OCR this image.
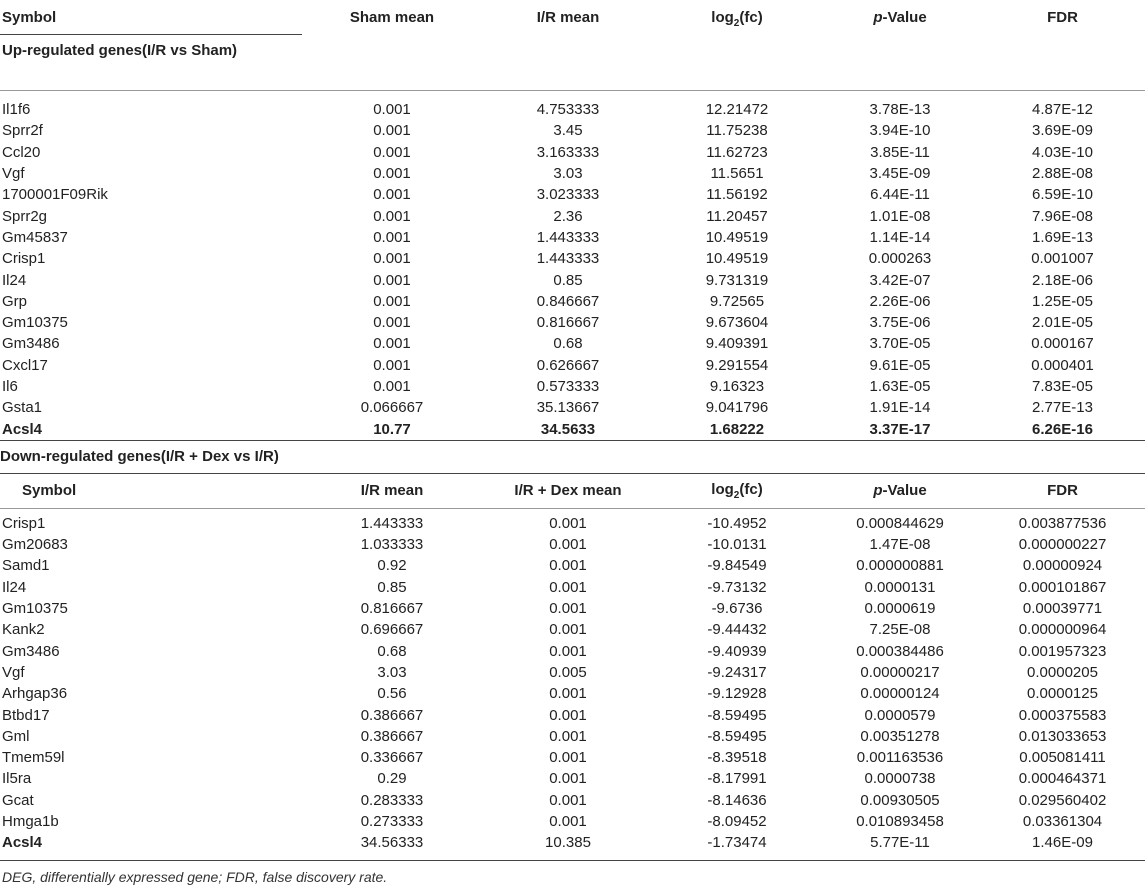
Symbol	Sham mean	I/R mean	$\log_2(fc)$	p-Value	FDR
Up-regulated genes(I/R vs Sham)					

Il1f6	0.001	4.753333	12.21472	3.78E-13	4.87E-12
Sprr2f	0.001	3.45	11.75238	3.94E-10	3.69E-09
Ccl20	0.001	3.163333	11.62723	3.85E-11	4.03E-10
Vgf	0.001	3.03	11.5651	3.45E-09	2.88E-08
1700001F09Rik	0.001	3.023333	11.56192	6.44E-11	6.59E-10
Sprr2g	0.001	2.36	11.20457	1.01E-08	7.96E-08
Gm45837	0.001	1.443333	10.49519	1.14E-14	1.69E-13
Crisp1	0.001	1.443333	10.49519	0.000263	0.001007
Il24	0.001	0.85	9.731319	3.42E-07	2.18E-06
Grp	0.001	0.846667	9.72565	2.26E-06	1.25E-05
Gm10375	0.001	0.816667	9.673604	3.75E-06	2.01E-05
Gm3486	0.001	0.68	9.409391	3.70E-05	0.000167
Cxcl17	0.001	0.626667	9.291554	9.61E-05	0.000401
Il6	0.001	0.573333	9.16323	1.63E-05	7.83E-05
Gsta1	0.066667	35.13667	9.041796	1.91E-14	2.77E-13
Acsl4	10.77	34.5633	1.68222	3.37E-17	6.26E-16
Down-regulated genes(I/R + Dex vs I/R)					
Symbol	I/R mean	I/R + Dex mean	$\log_2(fc)$	p-Value	FDR

Crisp1	1.443333	0.001	-10.4952	0.000844629	0.003877536
Gm20683	1.033333	0.001	-10.0131	1.47E-08	0.000000227
Samd1	0.92	0.001	-9.84549	0.000000881	0.00000924
Il24	0.85	0.001	-9.73132	0.0000131	0.000101867
Gm10375	0.816667	0.001	-9.6736	0.0000619	0.00039771
Kank2	0.696667	0.001	-9.44432	7.25E-08	0.000000964
Gm3486	0.68	0.001	-9.40939	0.000384486	0.001957323
Vgf	3.03	0.005	-9.24317	0.00000217	0.0000205
Arhgap36	0.56	0.001	-9.12928	0.00000124	0.0000125
Btbd17	0.386667	0.001	-8.59495	0.0000579	0.000375583
Gml	0.386667	0.001	-8.59495	0.00351278	0.013033653
Tmem59l	0.336667	0.001	-8.39518	0.001163536	0.005081411
Il5ra	0.29	0.001	-8.17991	0.0000738	0.000464371
Gcat	0.283333	0.001	-8.14636	0.00930505	0.029560402
Hmga1b	0.273333	0.001	-8.09452	0.010893458	0.03361304
Acsl4	34.56333	10.385	-1.73474	5.77E-11	1.46E-09

DEG, differentially expressed gene; FDR, false discovery rate.
